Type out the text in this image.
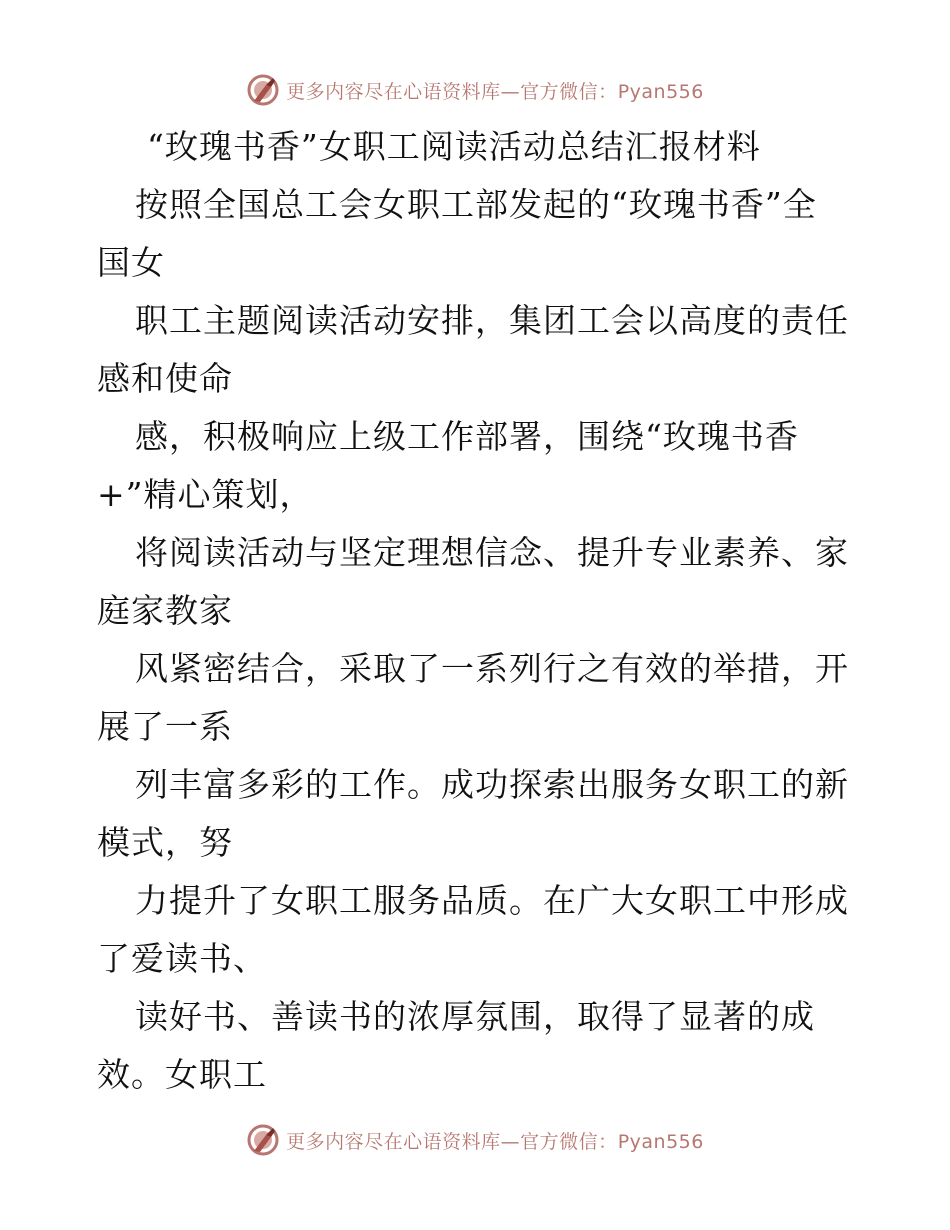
更多内容尽在心语资料库—官方微信：Pyan556
“玫瑰书香”女职工阅读活动总结汇报材料

按照全国总工会女职工部发起的“玫瑰书香”全
国女

职工主题阅读活动安排，集团工会以高度的责任
感和使命

感，积极响应上级工作部署，围绕“玫瑰书香
+”精心策划，

将阅读活动与坚定理想信念、提升专业素养、家
庭家教家

风紧密结合，采取了一系列行之有效的举措，开
展了一系

列丰富多彩的工作。成功探索出服务女职工的新
模式，努

力提升了女职工服务品质。在广大女职工中形成
了爱读书、

读好书、善读书的浓厚氛围，取得了显著的成
效。女职工

更多内容尽在心语资料库—官方微信：Pyan556
